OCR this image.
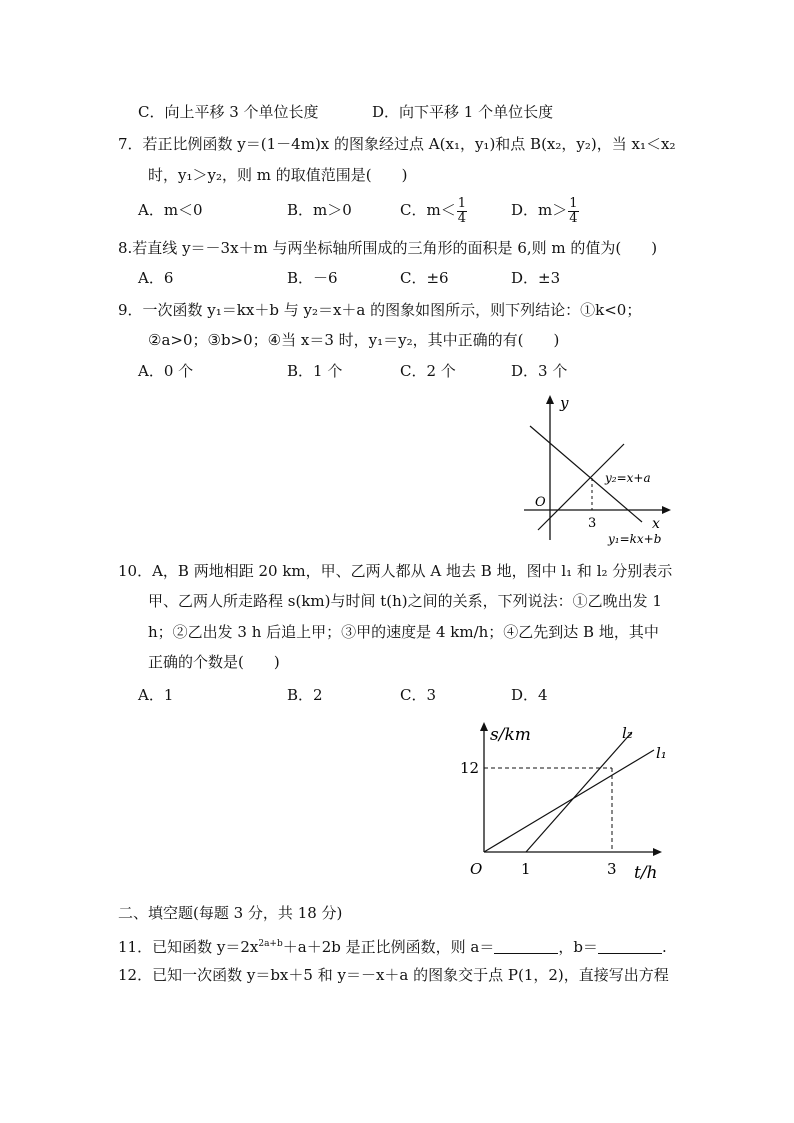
C．向上平移 3 个单位长度	D．向下平移 1 个单位长度
7．若正比例函数 y＝(1－4m)x 的图象经过点 A(x₁，y₁)和点 B(x₂，y₂)，当 x₁＜x₂
时，y₁＞y₂，则 m 的取值范围是(　　)
A．m＜0	B．m＞0	C．$m< \frac{1}{4}$	D．$m> \frac{1}{4}$
8.若直线 y＝－3x＋m 与两坐标轴所围成的三角形的面积是 6,则 m 的值为(　　)
A．6	B．－6	C．±6	D．±3
9．一次函数 y₁＝kx＋b 与 y₂＝x＋a 的图象如图所示，则下列结论：①k<0；
②a>0；③b>0；④当 x＝3 时，y₁＝y₂，其中正确的有(　　)
A．0 个	B．1 个	C．2 个	D．3 个
y
x
O
3
y₂=x+a
y₁=kx+b
10．A，B 两地相距 20 km，甲、乙两人都从 A 地去 B 地，图中 l₁ 和 l₂ 分别表示
甲、乙两人所走路程 s(km)与时间 t(h)之间的关系，下列说法：①乙晚出发 1
h；②乙出发 3 h 后追上甲；③甲的速度是 4 km/h；④乙先到达 B 地，其中
正确的个数是(　　)
A．1	B．2	C．3	D．4
s/km
t/h
O
12
1	3
l₂
l₁
二、填空题(每题 3 分，共 18 分)
11．已知函数 $y=2x^{2a+b}+a+2b$ 是正比例函数，则 a＝	，b＝	.
12．已知一次函数 y＝bx＋5 和 y＝－x＋a 的图象交于点 P(1，2)，直接写出方程
